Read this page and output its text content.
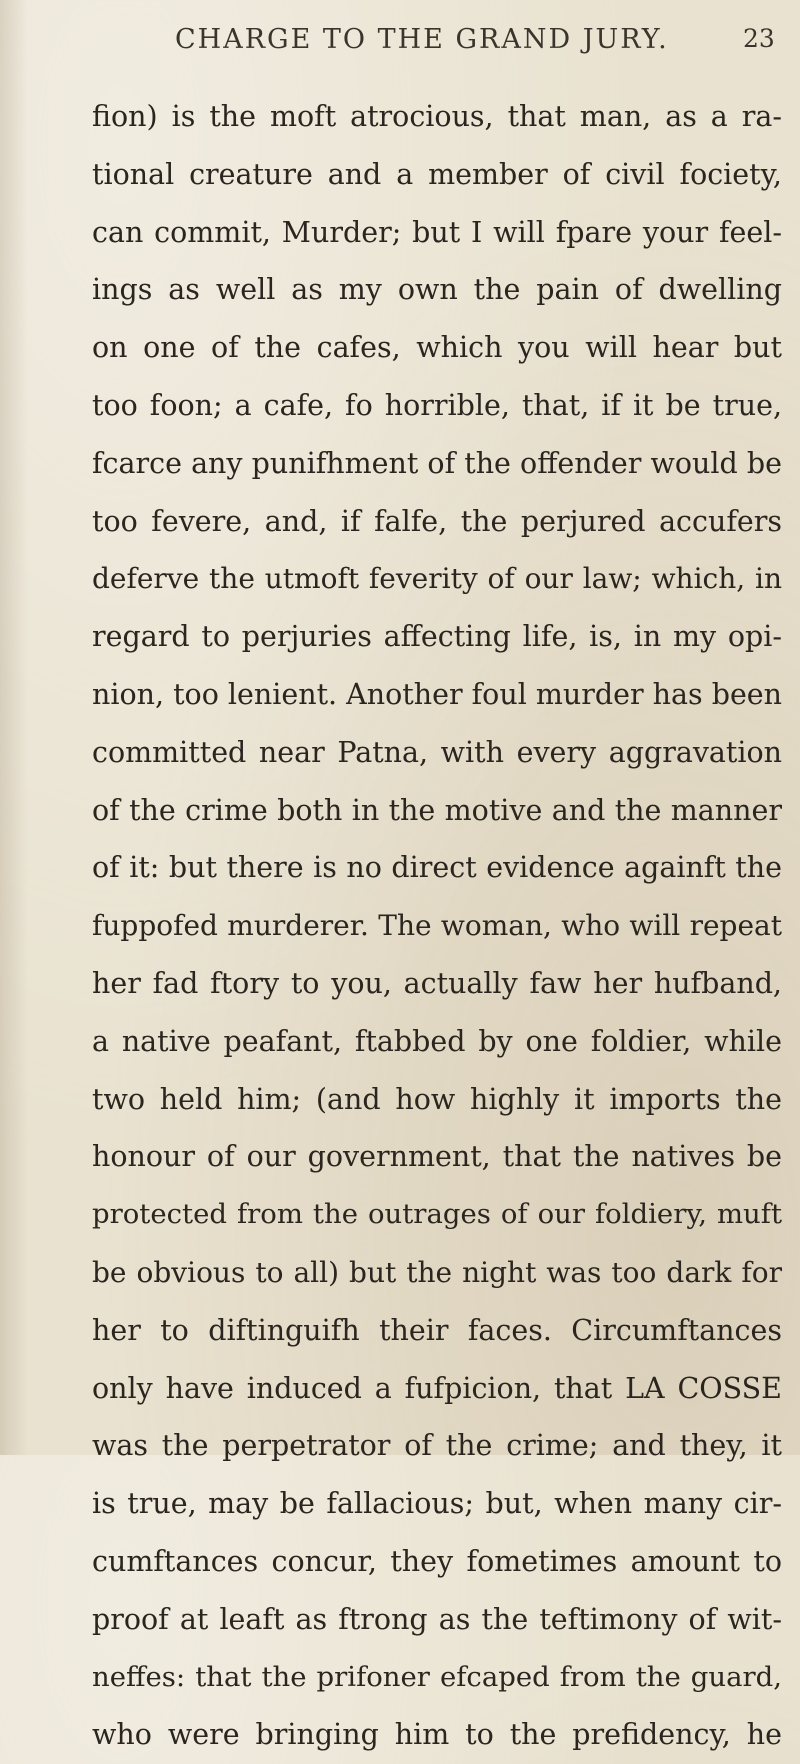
CHARGE TO THE GRAND JURY.	23
fion) is the moft atrocious, that man, as a ra-
tional creature and a member of civil fociety,
can commit, Murder; but I will fpare your feel-
ings as well as my own the pain of dwelling
on one of the cafes, which you will hear but
too foon; a cafe, fo horrible, that, if it be true,
fcarce any punifhment of the offender would be
too fevere, and, if falfe, the perjured accufers
deferve the utmoft feverity of our law; which, in
regard to perjuries affecting life, is, in my opi-
nion, too lenient. Another foul murder has been
committed near Patna, with every aggravation
of the crime both in the motive and the manner
of it: but there is no direct evidence againft the
fuppofed murderer. The woman, who will repeat
her fad ftory to you, actually faw her hufband,
a native peafant, ftabbed by one foldier, while
two held him; (and how highly it imports the
honour of our government, that the natives be
protected from the outrages of our foldiery, muft
be obvious to all) but the night was too dark for
her to diftinguifh their faces. Circumftances
only have induced a fufpicion, that LA COSSE
was the perpetrator of the crime; and they, it
is true, may be fallacious; but, when many cir-
cumftances concur, they fometimes amount to
proof at leaft as ftrong as the teftimony of wit-
neffes: that the prifoner efcaped from the guard,
who were bringing him to the prefidency, he
